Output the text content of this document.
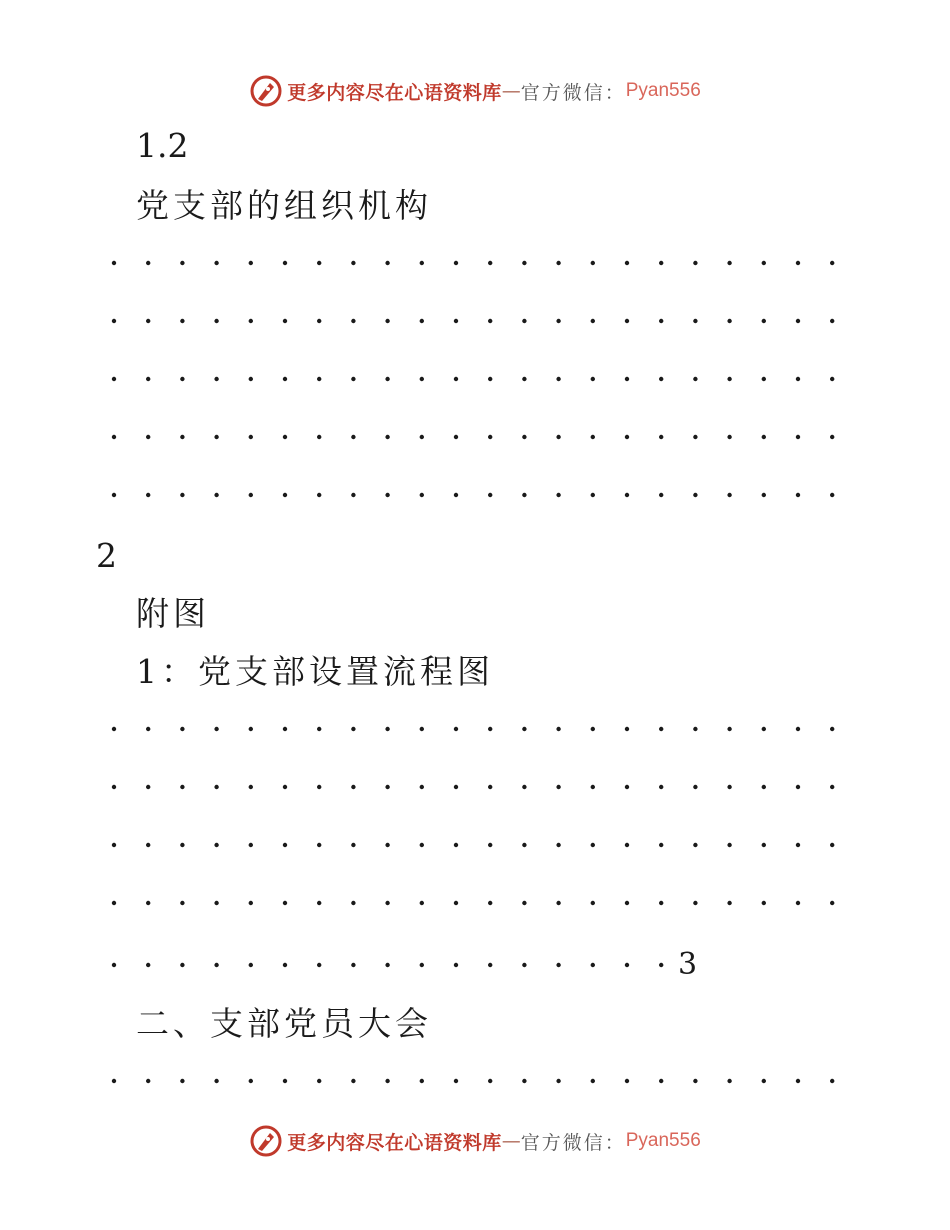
更多内容尽在心语资料库 — 官方微信： Pyan556
1.2
党支部的组织机构
2
附图
1：党支部设置流程图
3
二、支部党员大会
更多内容尽在心语资料库 — 官方微信： Pyan556
